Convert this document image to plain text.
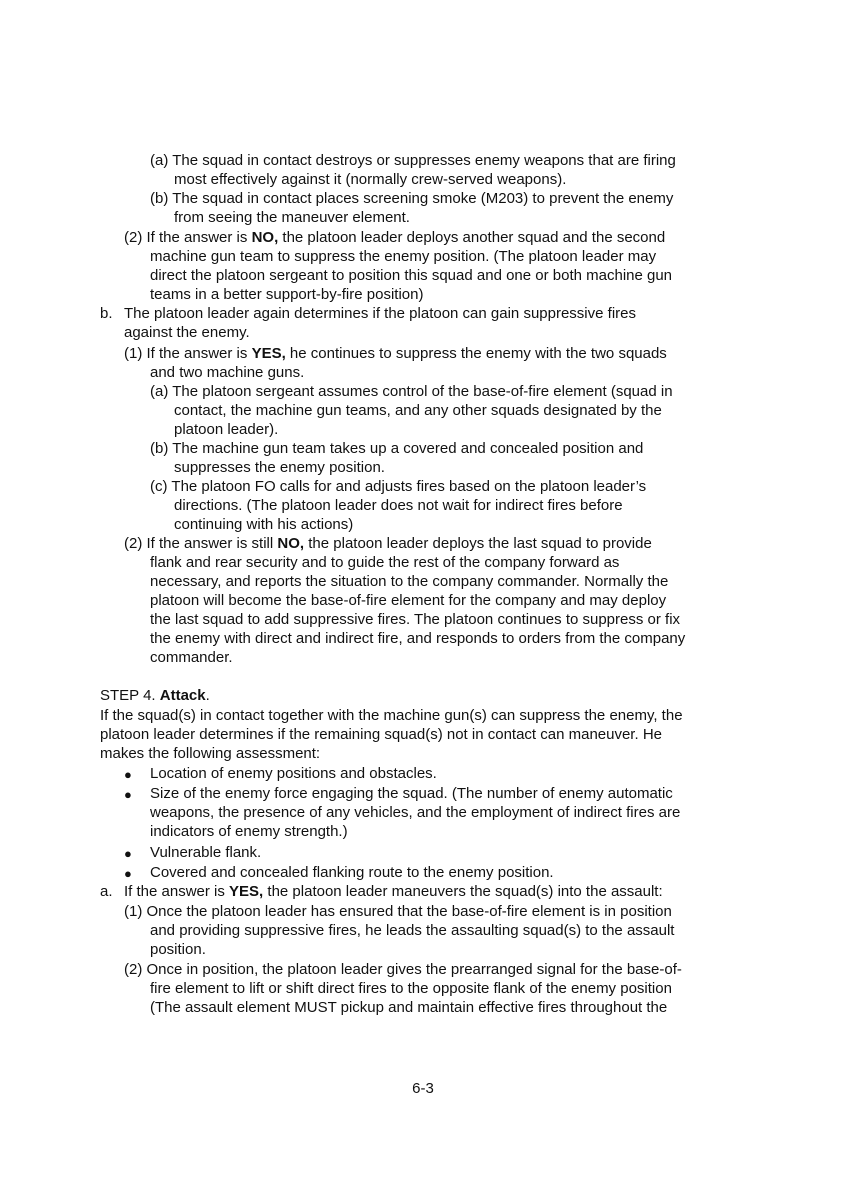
(a) The squad in contact destroys or suppresses enemy weapons that are firing
most effectively against it (normally crew-served weapons).
(b) The squad in contact places screening smoke (M203) to prevent the enemy
from seeing the maneuver element.
(2) If the answer is NO, the platoon leader deploys another squad and the second
machine gun team to suppress the enemy position. (The platoon leader may
direct the platoon sergeant to position this squad and one or both machine gun
teams in a better support-by-fire position)
b. The platoon leader again determines if the platoon can gain suppressive fires
against the enemy.
(1) If the answer is YES, he continues to suppress the enemy with the two squads
and two machine guns.
(a) The platoon sergeant assumes control of the base-of-fire element (squad in
contact, the machine gun teams, and any other squads designated by the
platoon leader).
(b) The machine gun team takes up a covered and concealed position and
suppresses the enemy position.
(c) The platoon FO calls for and adjusts fires based on the platoon leader’s
directions. (The platoon leader does not wait for indirect fires before
continuing with his actions)
(2) If the answer is still NO, the platoon leader deploys the last squad to provide
flank and rear security and to guide the rest of the company forward as
necessary, and reports the situation to the company commander. Normally the
platoon will become the base-of-fire element for the company and may deploy
the last squad to add suppressive fires. The platoon continues to suppress or fix
the enemy with direct and indirect fire, and responds to orders from the company
commander.
STEP 4. Attack.
If the squad(s) in contact together with the machine gun(s) can suppress the enemy, the
platoon leader determines if the remaining squad(s) not in contact can maneuver. He
makes the following assessment:
● Location of enemy positions and obstacles.
● Size of the enemy force engaging the squad. (The number of enemy automatic
weapons, the presence of any vehicles, and the employment of indirect fires are
indicators of enemy strength.)
● Vulnerable flank.
● Covered and concealed flanking route to the enemy position.
a. If the answer is YES, the platoon leader maneuvers the squad(s) into the assault:
(1) Once the platoon leader has ensured that the base-of-fire element is in position
and providing suppressive fires, he leads the assaulting squad(s) to the assault
position.
(2) Once in position, the platoon leader gives the prearranged signal for the base-of-
fire element to lift or shift direct fires to the opposite flank of the enemy position
(The assault element MUST pickup and maintain effective fires throughout the
6-3
